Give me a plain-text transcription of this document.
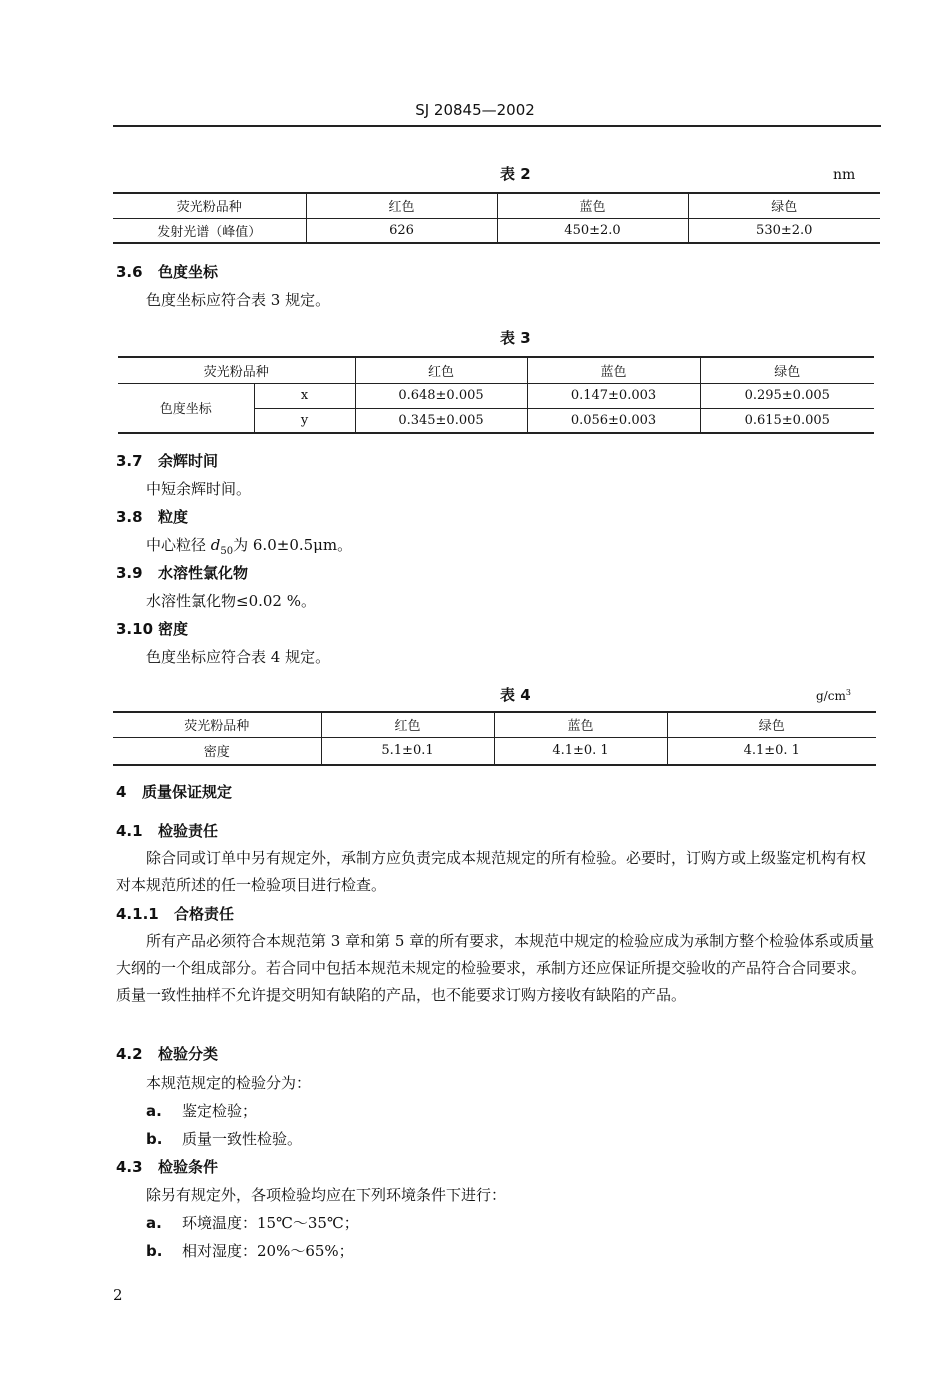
SJ 20845—2002
表 2	nm
荧光粉品种	红色	蓝色	绿色
发射光谱（峰值）	626	450±2.0	530±2.0
3.6 色度坐标
色度坐标应符合表 3 规定。
表 3
荧光粉品种		红色	蓝色	绿色
色度坐标	x	0.648±0.005	0.147±0.003	0.295±0.005
	y	0.345±0.005	0.056±0.003	0.615±0.005
3.7 余辉时间
中短余辉时间。
3.8 粒度
中心粒径 $d_{50}$为 6.0±0.5μm。
3.9 水溶性氯化物
水溶性氯化物≤0.02 %。
3.10 密度
色度坐标应符合表 4 规定。
表 4	$g/cm^3$
荧光粉品种	红色	蓝色	绿色
密度	5.1±0.1	4.1±0. 1	4.1±0. 1
4 质量保证规定
4.1 检验责任
除合同或订单中另有规定外，承制方应负责完成本规范规定的所有检验。必要时，订购方或上级鉴定机构有权对本规范所述的任一检验项目进行检查。
4.1.1 合格责任
所有产品必须符合本规范第 3 章和第 5 章的所有要求，本规范中规定的检验应成为承制方整个检验体系或质量大纲的一个组成部分。若合同中包括本规范未规定的检验要求，承制方还应保证所提交验收的产品符合合同要求。质量一致性抽样不允许提交明知有缺陷的产品，也不能要求订购方接收有缺陷的产品。
4.2 检验分类
本规范规定的检验分为：
a. 鉴定检验；
b. 质量一致性检验。
4.3 检验条件
除另有规定外，各项检验均应在下列环境条件下进行：
a. 环境温度：15℃～35℃；
b. 相对湿度：20%～65%；
2
